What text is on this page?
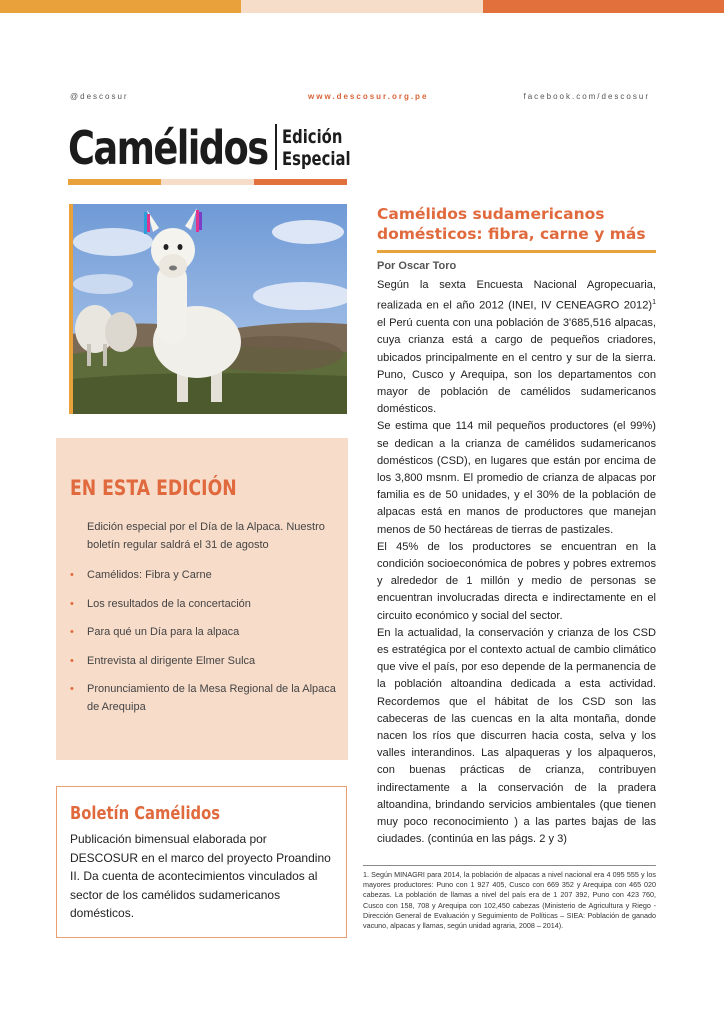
@descosur	www.descosur.org.pe	facebook.com/descosur
Camélidos Edición
Especial
EN ESTA EDICIÓN
Edición especial por el Día de la Alpaca. Nuestro boletín regular saldrá el 31 de agosto
• Camélidos: Fibra y Carne
• Los resultados de la concertación
• Para qué un Día para la alpaca
• Entrevista al dirigente Elmer Sulca
• Pronunciamiento de la Mesa Regional de la Alpaca de Arequipa
Boletín Camélidos
Publicación bimensual elaborada por DESCOSUR en el marco del proyecto Proandino II. Da cuenta de acontecimientos vinculados al sector de los camélidos sudamericanos domésticos.
Camélidos sudamericanos domésticos: fibra, carne y más
Por Oscar Toro

Según la sexta Encuesta Nacional Agropecuaria, realizada en el año 2012 (INEI, IV CENEAGRO 2012)$^1$ el Perú cuenta con una población de 3'685,516 alpacas, cuya crianza está a cargo de pequeños criadores, ubicados principalmente en el centro y sur de la sierra. Puno, Cusco y Arequipa, son los departamentos con mayor de población de camélidos sudamericanos domésticos.

Se estima que 114 mil pequeños productores (el 99%) se dedican a la crianza de camélidos sudamericanos domésticos (CSD), en lugares que están por encima de los 3,800 msnm. El promedio de crianza de alpacas por familia es de 50 unidades, y el 30% de la población de alpacas está en manos de productores que manejan menos de 50 hectáreas de tierras de pastizales.

El 45% de los productores se encuentran en la condición socioeconómica de pobres y pobres extremos y alrededor de 1 millón y medio de personas se encuentran involucradas directa e indirectamente en el circuito económico y social del sector.

En la actualidad, la conservación y crianza de los CSD es estratégica por el contexto actual de cambio climático que vive el país, por eso depende de la permanencia de la población altoandina dedicada a esta actividad. Recordemos que el hábitat de los CSD son las cabeceras de las cuencas en la alta montaña, donde nacen los ríos que discurren hacia costa, selva y los valles interandinos. Las alpaqueras y los alpaqueros, con buenas prácticas de crianza, contribuyen indirectamente a la conservación de la pradera altoandina, brindando servicios ambientales (que tienen muy poco reconocimiento ) a las partes bajas de las ciudades. (continúa en las págs. 2 y 3)

1. Según MINAGRI para 2014, la población de alpacas a nivel nacional era 4 095 555 y los mayores productores: Puno con 1 927 405, Cusco con 669 352 y Arequipa con 465 020 cabezas. La población de llamas a nivel del país era de 1 207 392, Puno con 423 760, Cusco con 158, 708 y Arequipa con 102,450 cabezas (Ministerio de Agricultura y Riego - Dirección General de Evaluación y Seguimiento de Políticas – SIEA: Población de ganado vacuno, alpacas y llamas, según unidad agraria, 2008 – 2014).
